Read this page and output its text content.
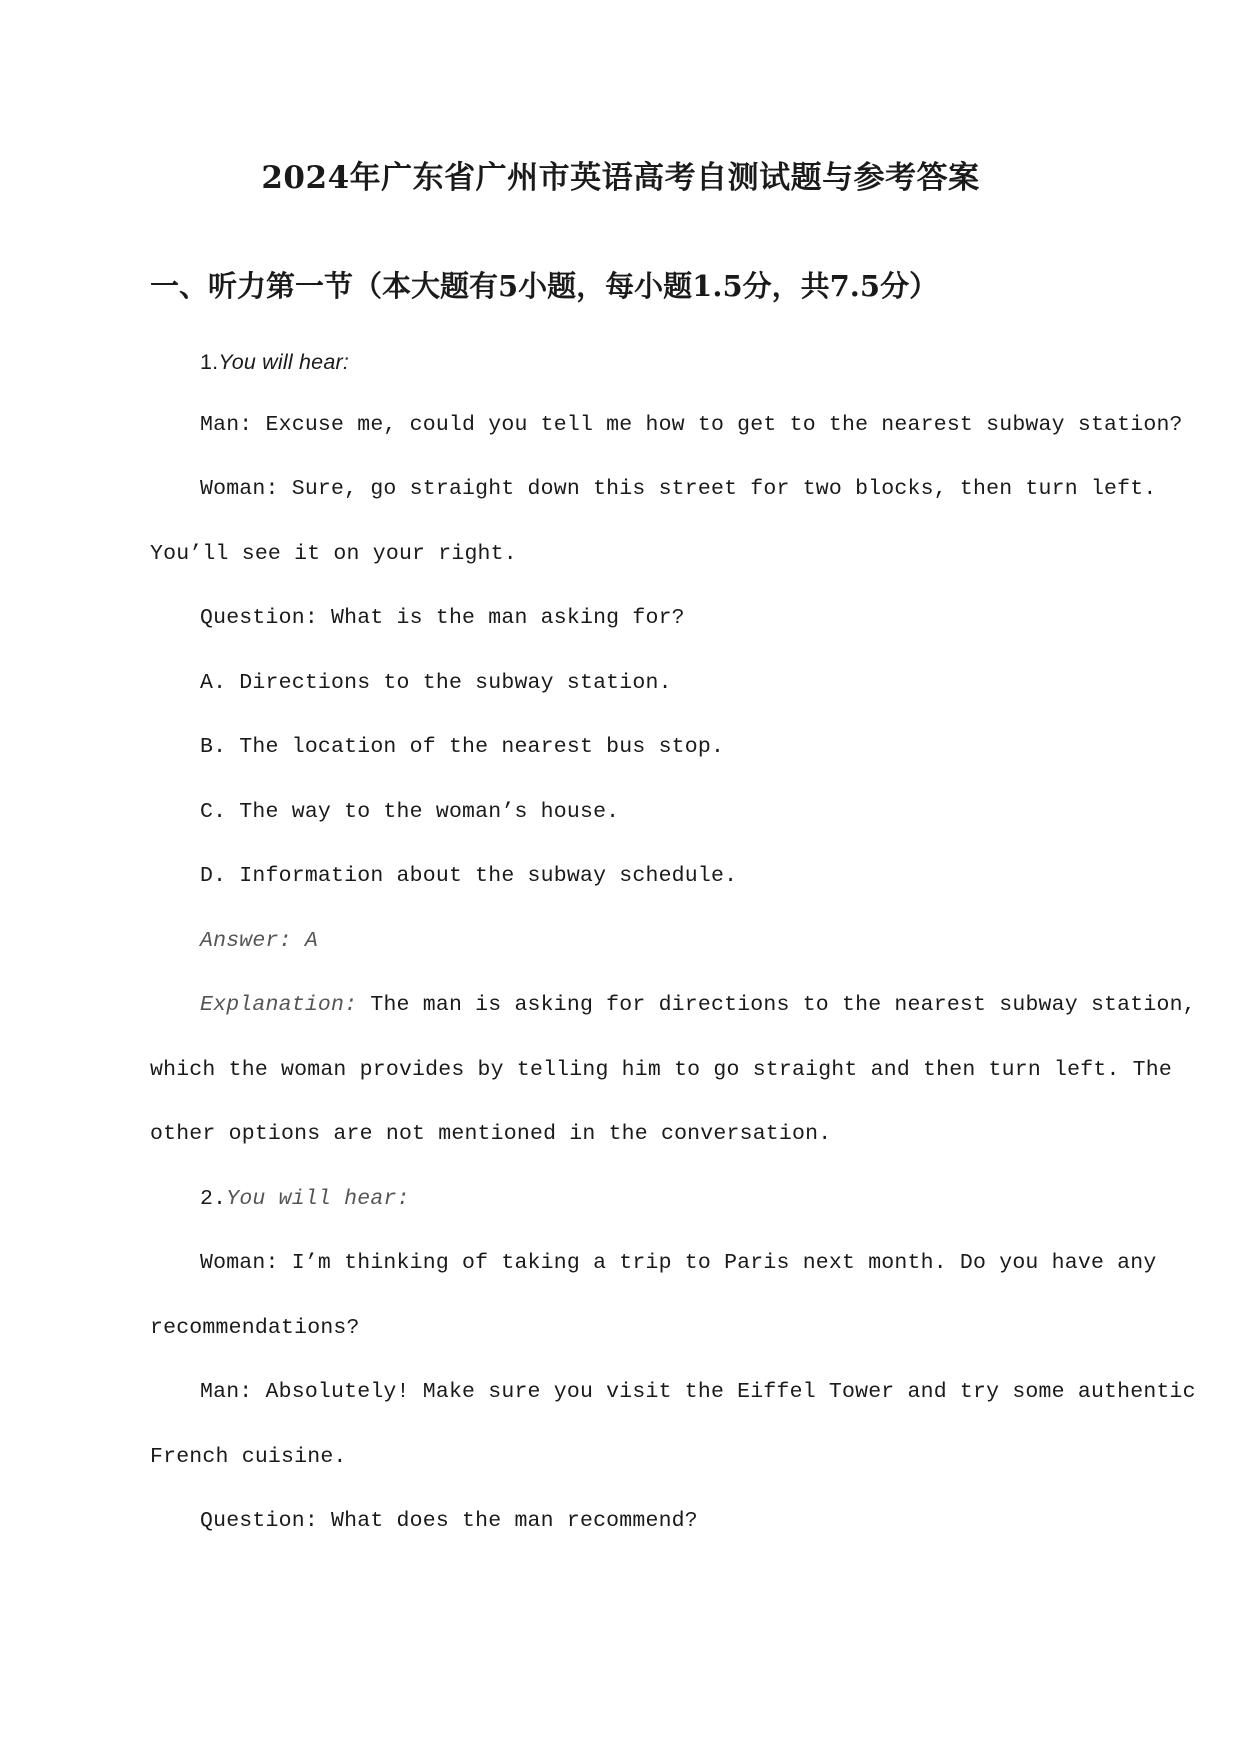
2024年广东省广州市英语高考自测试题与参考答案
一、听力第一节（本大题有5小题，每小题1.5分，共7.5分）
1.You will hear:
Man: Excuse me, could you tell me how to get to the nearest subway station?
Woman: Sure, go straight down this street for two blocks, then turn left.
You’ll see it on your right.
Question: What is the man asking for?
A. Directions to the subway station.
B. The location of the nearest bus stop.
C. The way to the woman’s house.
D. Information about the subway schedule.
Answer: A
Explanation: The man is asking for directions to the nearest subway station,
which the woman provides by telling him to go straight and then turn left. The
other options are not mentioned in the conversation.
2.You will hear:
Woman: I’m thinking of taking a trip to Paris next month. Do you have any
recommendations?
Man: Absolutely! Make sure you visit the Eiffel Tower and try some authentic
French cuisine.
Question: What does the man recommend?
